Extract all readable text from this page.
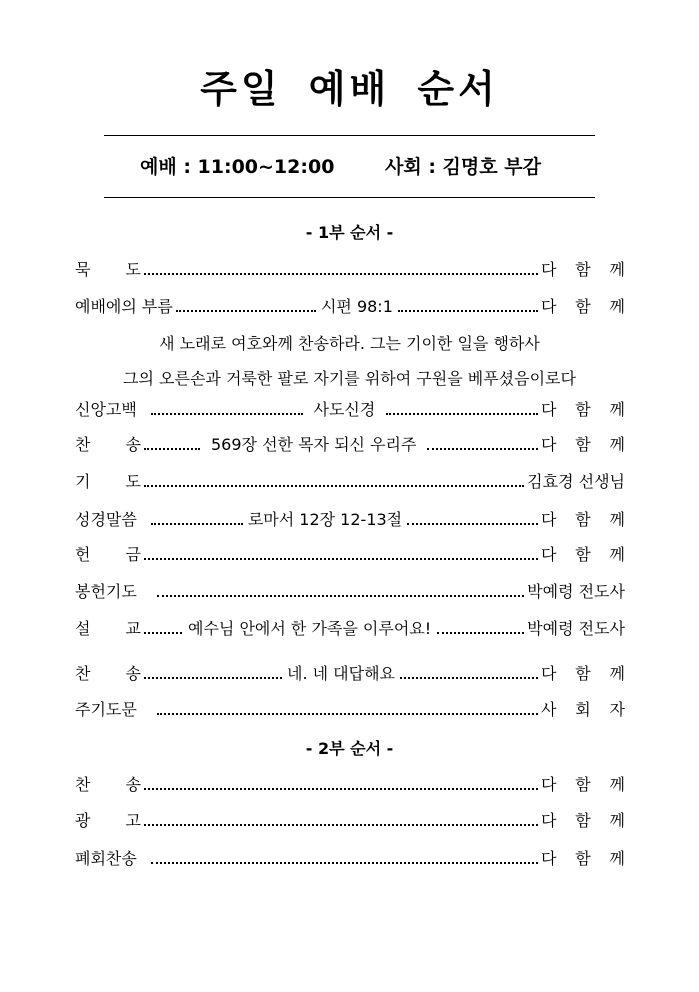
주일 예배 순서
예배 : 11:00~12:00	사회 : 김명호 부감
- 1부 순서 -
묵 도	다 함 께
예배에의 부름	시편 98:1	다 함 께
새 노래로 여호와께 찬송하라. 그는 기이한 일을 행하사
그의 오른손과 거룩한 팔로 자기를 위하여 구원을 베푸셨음이로다
신앙고백	사도신경	다 함 께
찬 송	569장 선한 목자 되신 우리주	다 함 께
기 도	김효경 선생님
성경말씀	로마서 12장 12-13절	다 함 께
헌 금	다 함 께
봉헌기도	박예령 전도사
설 교	예수님 안에서 한 가족을 이루어요!	박예령 전도사
찬 송	네. 네 대답해요	다 함 께
주기도문	사 회 자
- 2부 순서 -
찬 송	다 함 께
광 고	다 함 께
폐회찬송	다 함 께
